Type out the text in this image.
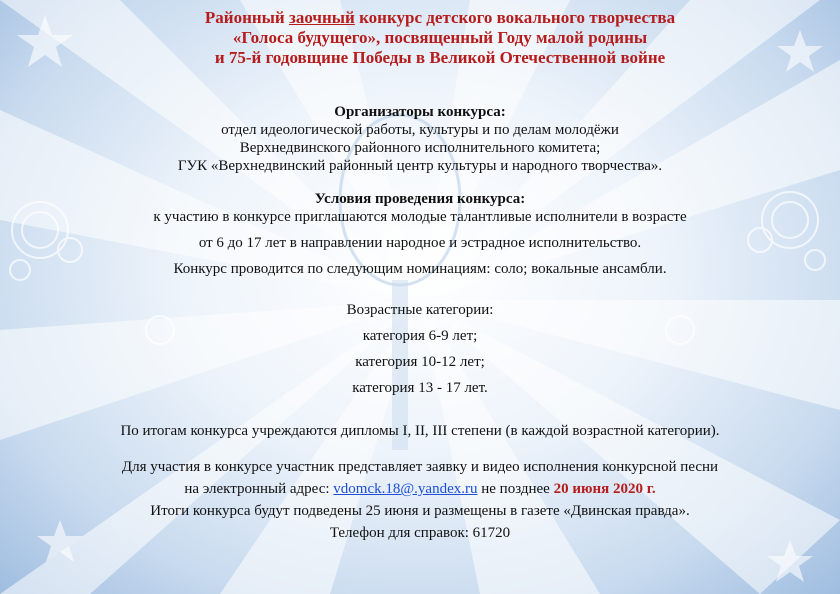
Районный заочный конкурс детского вокального творчества
«Голоса будущего», посвященный Году малой родины
и 75-й годовщине Победы в Великой Отечественной войне
Организаторы конкурса:
отдел идеологической работы, культуры и по делам молодёжи
Верхнедвинского районного исполнительного комитета;
ГУК «Верхнедвинский районный центр культуры и народного творчества».
Условия проведения конкурса:
к участию в конкурсе приглашаются молодые талантливые исполнители в возрасте
от 6 до 17 лет в направлении народное и эстрадное исполнительство.
Конкурс проводится по следующим номинациям: соло; вокальные ансамбли.
Возрастные категории:
категория 6-9 лет;
категория 10-12 лет;
категория 13 - 17 лет.
По итогам конкурса учреждаются дипломы I, II, III степени (в каждой возрастной категории).
Для участия в конкурсе участник представляет заявку и видео исполнения конкурсной песни
на электронный адрес: vdomck.18@.yandex.ru не позднее 20 июня 2020 г.
Итоги конкурса будут подведены 25 июня и размещены в газете «Двинская правда».
Телефон для справок: 61720
